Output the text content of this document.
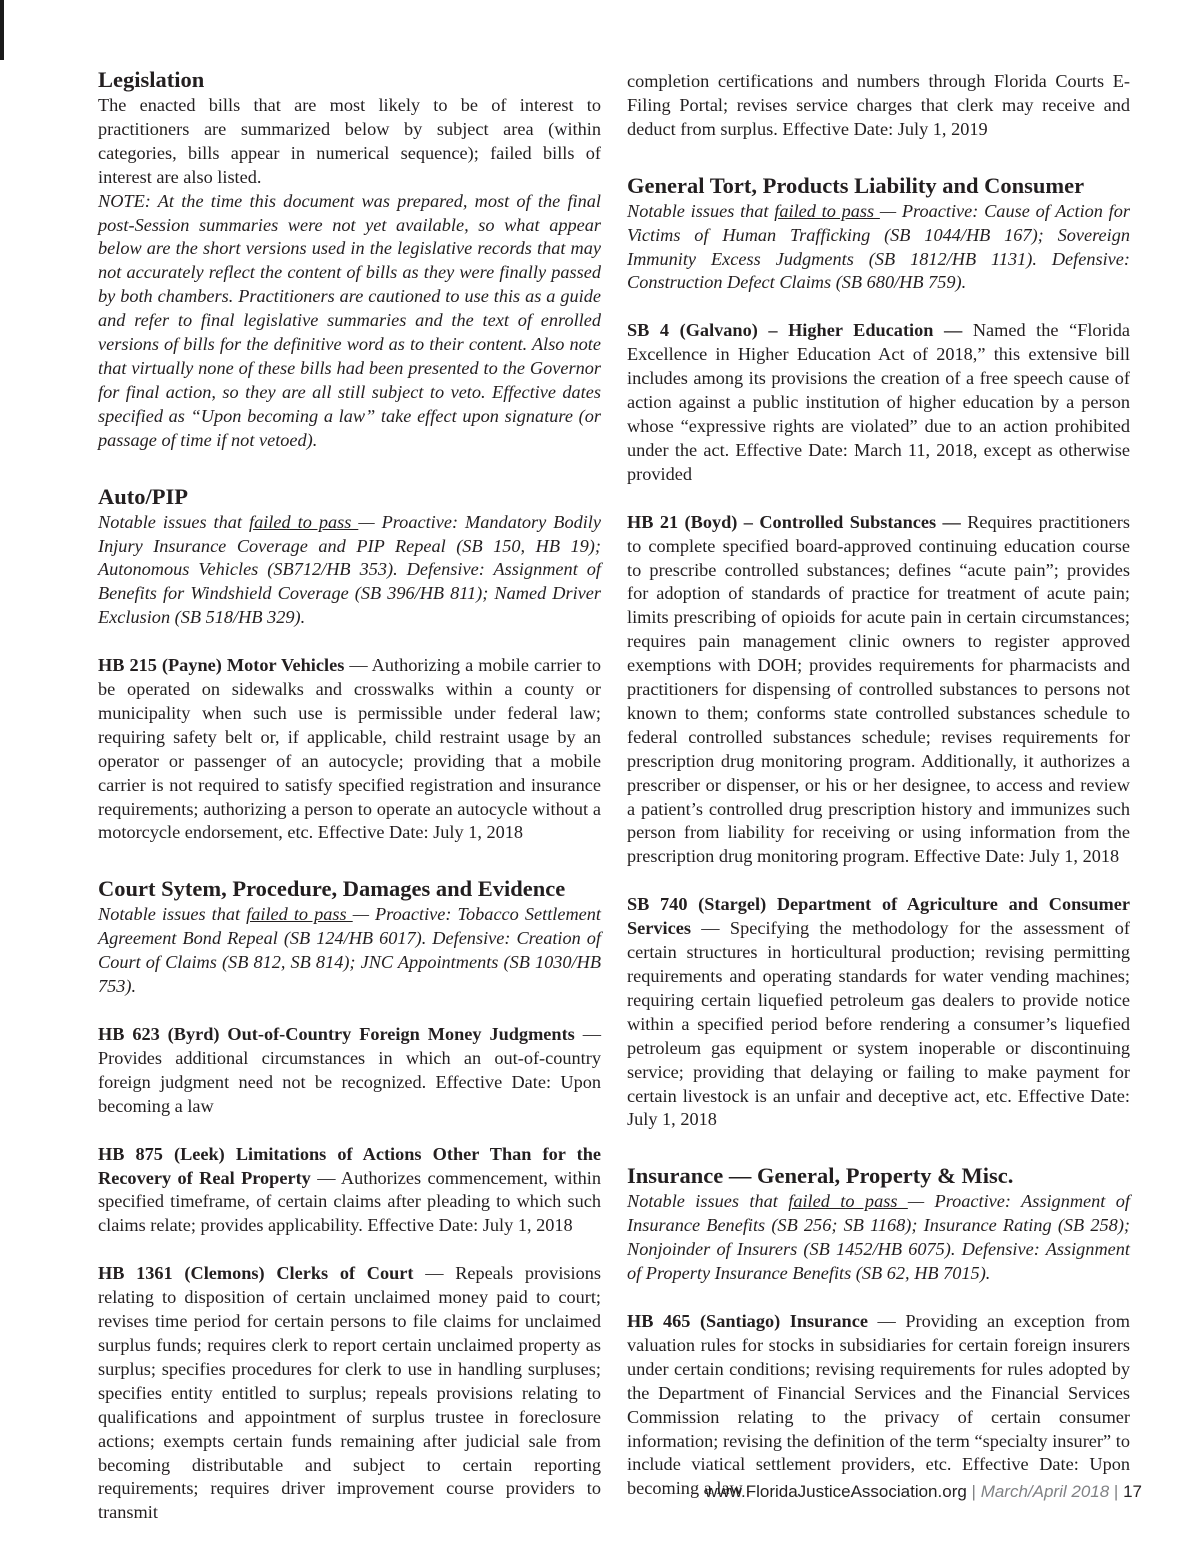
Legislation

The enacted bills that are most likely to be of interest to practitioners are summarized below by subject area (within categories, bills appear in numerical sequence); failed bills of interest are also listed.

NOTE: At the time this document was prepared, most of the final post-Session summaries were not yet available, so what appear below are the short versions used in the legislative records that may not accurately reflect the content of bills as they were finally passed by both chambers. Practitioners are cautioned to use this as a guide and refer to final legislative summaries and the text of enrolled versions of bills for the definitive word as to their content. Also note that virtually none of these bills had been presented to the Governor for final action, so they are all still subject to veto. Effective dates specified as “Upon becoming a law” take effect upon signature (or passage of time if not vetoed).

Auto/PIP

Notable issues that failed to pass — Proactive: Mandatory Bodily Injury Insurance Coverage and PIP Repeal (SB 150, HB 19); Autonomous Vehicles (SB712/HB 353). Defensive: Assignment of Benefits for Windshield Coverage (SB 396/HB 811); Named Driver Exclusion (SB 518/HB 329).

HB 215 (Payne) Motor Vehicles — Authorizing a mobile carrier to be operated on sidewalks and crosswalks within a county or municipality when such use is permissible under federal law; requiring safety belt or, if applicable, child restraint usage by an operator or passenger of an autocycle; providing that a mobile carrier is not required to satisfy specified registration and insurance requirements; authorizing a person to operate an autocycle without a motorcycle endorsement, etc. Effective Date: July 1, 2018

Court Sytem, Procedure, Damages and Evidence

Notable issues that failed to pass — Proactive: Tobacco Settlement Agreement Bond Repeal (SB 124/HB 6017). Defensive: Creation of Court of Claims (SB 812, SB 814); JNC Appointments (SB 1030/HB 753).

HB 623 (Byrd) Out-of-Country Foreign Money Judgments — Provides additional circumstances in which an out-of-country foreign judgment need not be recognized. Effective Date: Upon becoming a law

HB 875 (Leek) Limitations of Actions Other Than for the Recovery of Real Property — Authorizes commencement, within specified timeframe, of certain claims after pleading to which such claims relate; provides applicability. Effective Date: July 1, 2018

HB 1361 (Clemons) Clerks of Court — Repeals provisions relating to disposition of certain unclaimed money paid to court; revises time period for certain persons to file claims for unclaimed surplus funds; requires clerk to report certain unclaimed property as surplus; specifies procedures for clerk to use in handling surpluses; specifies entity entitled to surplus; repeals provisions relating to qualifications and appointment of surplus trustee in foreclosure actions; exempts certain funds remaining after judicial sale from becoming distributable and subject to certain reporting requirements; requires driver improvement course providers to transmit

completion certifications and numbers through Florida Courts E-Filing Portal; revises service charges that clerk may receive and deduct from surplus. Effective Date: July 1, 2019

General Tort, Products Liability and Consumer

Notable issues that failed to pass — Proactive: Cause of Action for Victims of Human Trafficking (SB 1044/HB 167); Sovereign Immunity Excess Judgments (SB 1812/HB 1131). Defensive: Construction Defect Claims (SB 680/HB 759).

SB 4 (Galvano) – Higher Education — Named the “Florida Excellence in Higher Education Act of 2018,” this extensive bill includes among its provisions the creation of a free speech cause of action against a public institution of higher education by a person whose “expressive rights are violated” due to an action prohibited under the act. Effective Date: March 11, 2018, except as otherwise provided

HB 21 (Boyd) – Controlled Substances — Requires practitioners to complete specified board-approved continuing education course to prescribe controlled substances; defines “acute pain”; provides for adoption of standards of practice for treatment of acute pain; limits prescribing of opioids for acute pain in certain circumstances; requires pain management clinic owners to register approved exemptions with DOH; provides requirements for pharmacists and practitioners for dispensing of controlled substances to persons not known to them; conforms state controlled substances schedule to federal controlled substances schedule; revises requirements for prescription drug monitoring program. Additionally, it authorizes a prescriber or dispenser, or his or her designee, to access and review a patient’s controlled drug prescription history and immunizes such person from liability for receiving or using information from the prescription drug monitoring program. Effective Date: July 1, 2018

SB 740 (Stargel) Department of Agriculture and Consumer Services — Specifying the methodology for the assessment of certain structures in horticultural production; revising permitting requirements and operating standards for water vending machines; requiring certain liquefied petroleum gas dealers to provide notice within a specified period before rendering a consumer’s liquefied petroleum gas equipment or system inoperable or discontinuing service; providing that delaying or failing to make payment for certain livestock is an unfair and deceptive act, etc. Effective Date: July 1, 2018

Insurance — General, Property & Misc.

Notable issues that failed to pass — Proactive: Assignment of Insurance Benefits (SB 256; SB 1168); Insurance Rating (SB 258); Nonjoinder of Insurers (SB 1452/HB 6075). Defensive: Assignment of Property Insurance Benefits (SB 62, HB 7015).

HB 465 (Santiago) Insurance — Providing an exception from valuation rules for stocks in subsidiaries for certain foreign insurers under certain conditions; revising requirements for rules adopted by the Department of Financial Services and the Financial Services Commission relating to the privacy of certain consumer information; revising the definition of the term “specialty insurer” to include viatical settlement providers, etc. Effective Date: Upon becoming a law

www.FloridaJusticeAssociation.org | March/April 2018 | 17
